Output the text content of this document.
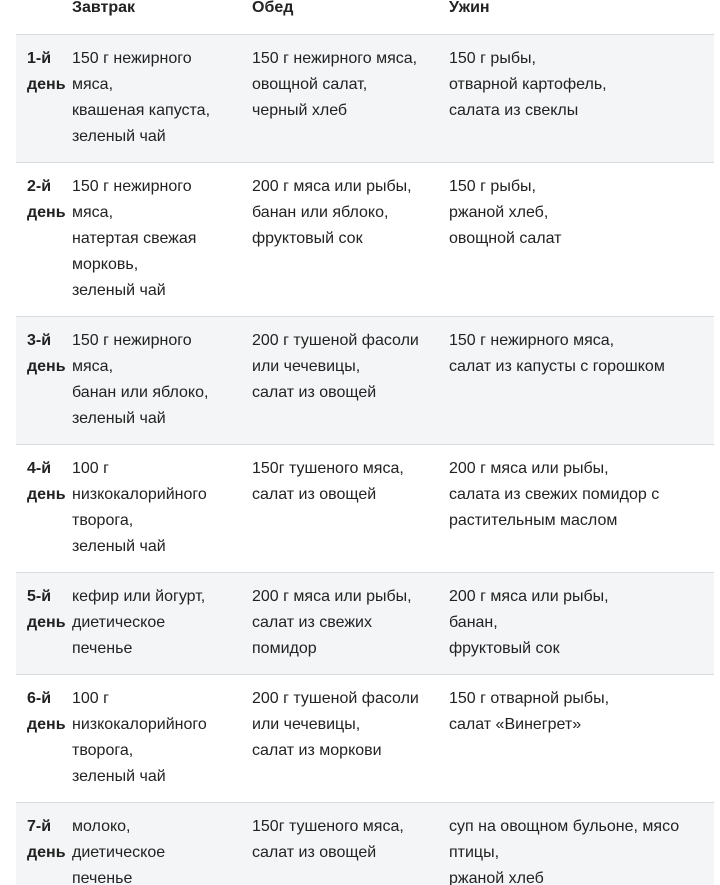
	Завтрак	Обед	Ужин

1-й
день	150 г нежирного
мяса,
квашеная капуста,
зеленый чай	150 г нежирного мяса,
овощной салат,
черный хлеб	150 г рыбы,
отварной картофель,
салата из свеклы

2-й
день	150 г нежирного
мяса,
натертая свежая
морковь,
зеленый чай	200 г мяса или рыбы,
банан или яблоко,
фруктовый сок	150 г рыбы,
ржаной хлеб,
овощной салат

3-й
день	150 г нежирного
мяса,
банан или яблоко,
зеленый чай	200 г тушеной фасоли
или чечевицы,
салат из овощей	150 г нежирного мяса,
салат из капусты с горошком

4-й
день	100 г
низкокалорийного
творога,
зеленый чай	150г тушеного мяса,
салат из овощей	200 г мяса или рыбы,
салата из свежих помидор с
растительным маслом

5-й
день	кефир или йогурт,
диетическое
печенье	200 г мяса или рыбы,
салат из свежих
помидор	200 г мяса или рыбы,
банан,
фруктовый сок

6-й
день	100 г
низкокалорийного
творога,
зеленый чай	200 г тушеной фасоли
или чечевицы,
салат из моркови	150 г отварной рыбы,
салат «Винегрет»

7-й
день	молоко,
диетическое
печенье	150г тушеного мяса,
салат из овощей	суп на овощном бульоне, мясо
птицы,
ржаной хлеб
